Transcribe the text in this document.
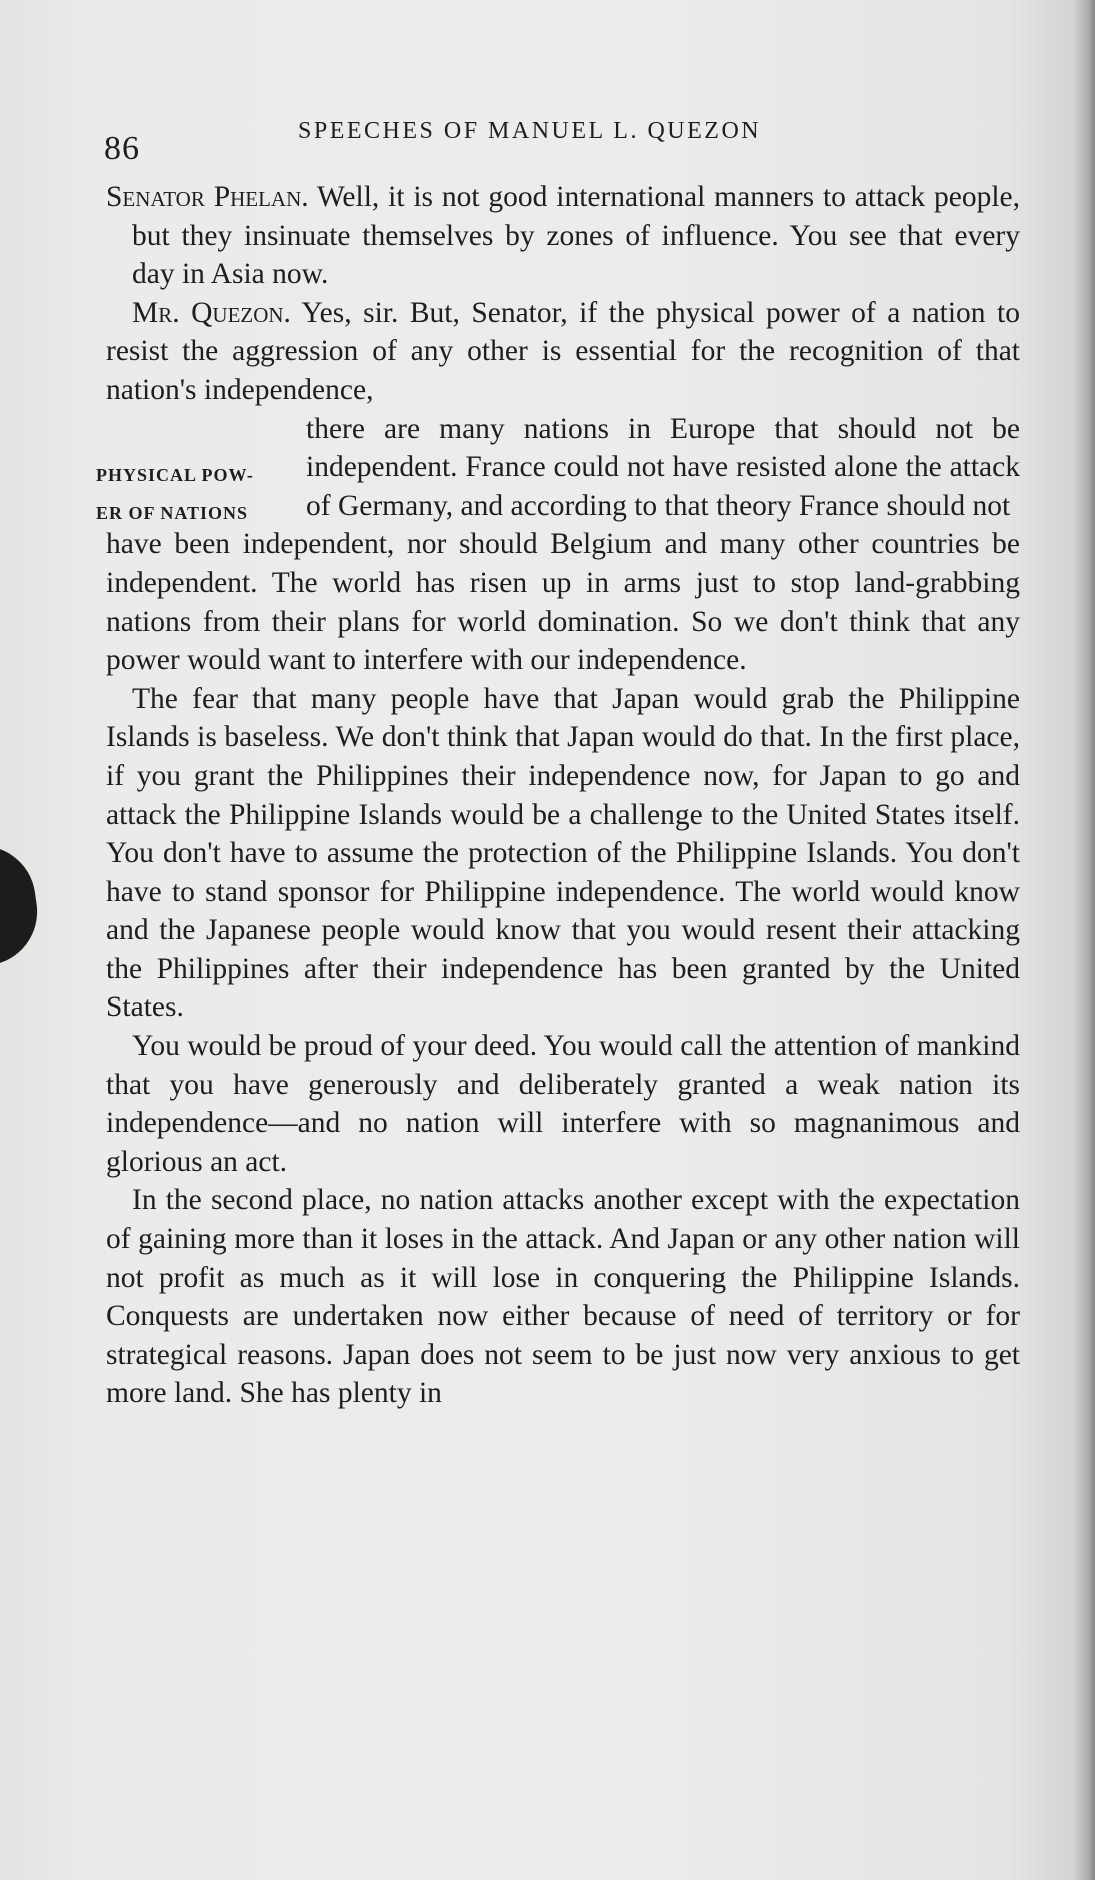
86	SPEECHES OF MANUEL L. QUEZON

Senator Phelan. Well, it is not good international manners to attack people, but they insinuate themselves by zones of influence. You see that every day in Asia now.

Mr. Quezon. Yes, sir. But, Senator, if the physical power of a nation to resist the aggression of any other is essential for the recognition of that nation's independence,

PHYSICAL POW-
ER OF NATIONS
there are many nations in Europe that should not be independent. France could not have resisted alone the attack of Germany, and according to that theory France should not

have been independent, nor should Belgium and many other countries be independent. The world has risen up in arms just to stop land-grabbing nations from their plans for world domination. So we don't think that any power would want to interfere with our independence.

The fear that many people have that Japan would grab the Philippine Islands is baseless. We don't think that Japan would do that. In the first place, if you grant the Philippines their independence now, for Japan to go and attack the Philippine Islands would be a challenge to the United States itself. You don't have to assume the protection of the Philippine Islands. You don't have to stand sponsor for Philippine independence. The world would know and the Japanese people would know that you would resent their attacking the Philippines after their independence has been granted by the United States.

You would be proud of your deed. You would call the attention of mankind that you have generously and deliberately granted a weak nation its independence—and no nation will interfere with so magnanimous and glorious an act.

In the second place, no nation attacks another except with the expectation of gaining more than it loses in the attack. And Japan or any other nation will not profit as much as it will lose in conquering the Philippine Islands. Conquests are undertaken now either because of need of territory or for strategical reasons. Japan does not seem to be just now very anxious to get more land. She has plenty in
